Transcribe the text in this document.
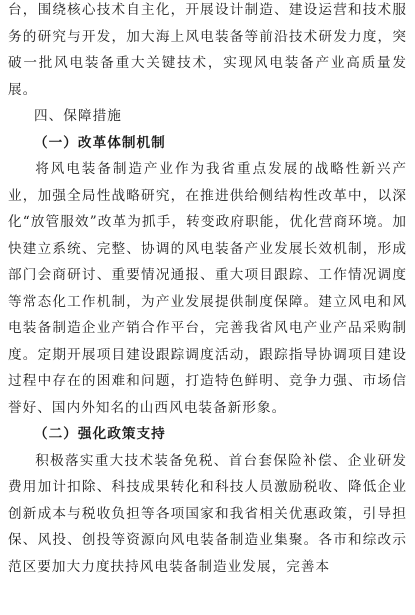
台，围绕核心技术自主化，开展设计制造、建设运营和技术服务的研究与开发，加大海上风电装备等前沿技术研发力度，突破一批风电装备重大关键技术，实现风电装备产业高质量发展。

四、保障措施

（一）改革体制机制

将风电装备制造产业作为我省重点发展的战略性新兴产业，加强全局性战略研究，在推进供给侧结构性改革中，以深化“放管服效”改革为抓手，转变政府职能，优化营商环境。加快建立系统、完整、协调的风电装备产业发展长效机制，形成部门会商研讨、重要情况通报、重大项目跟踪、工作情况调度等常态化工作机制，为产业发展提供制度保障。建立风电和风电装备制造企业产销合作平台，完善我省风电产业产品采购制度。定期开展项目建设跟踪调度活动，跟踪指导协调项目建设过程中存在的困难和问题，打造特色鲜明、竞争力强、市场信誉好、国内外知名的山西风电装备新形象。

（二）强化政策支持

积极落实重大技术装备免税、首台套保险补偿、企业研发费用加计扣除、科技成果转化和科技人员激励税收、降低企业创新成本与税收负担等各项国家和我省相关优惠政策，引导担保、风投、创投等资源向风电装备制造业集聚。各市和综改示范区要加大力度扶持风电装备制造业发展，完善本
